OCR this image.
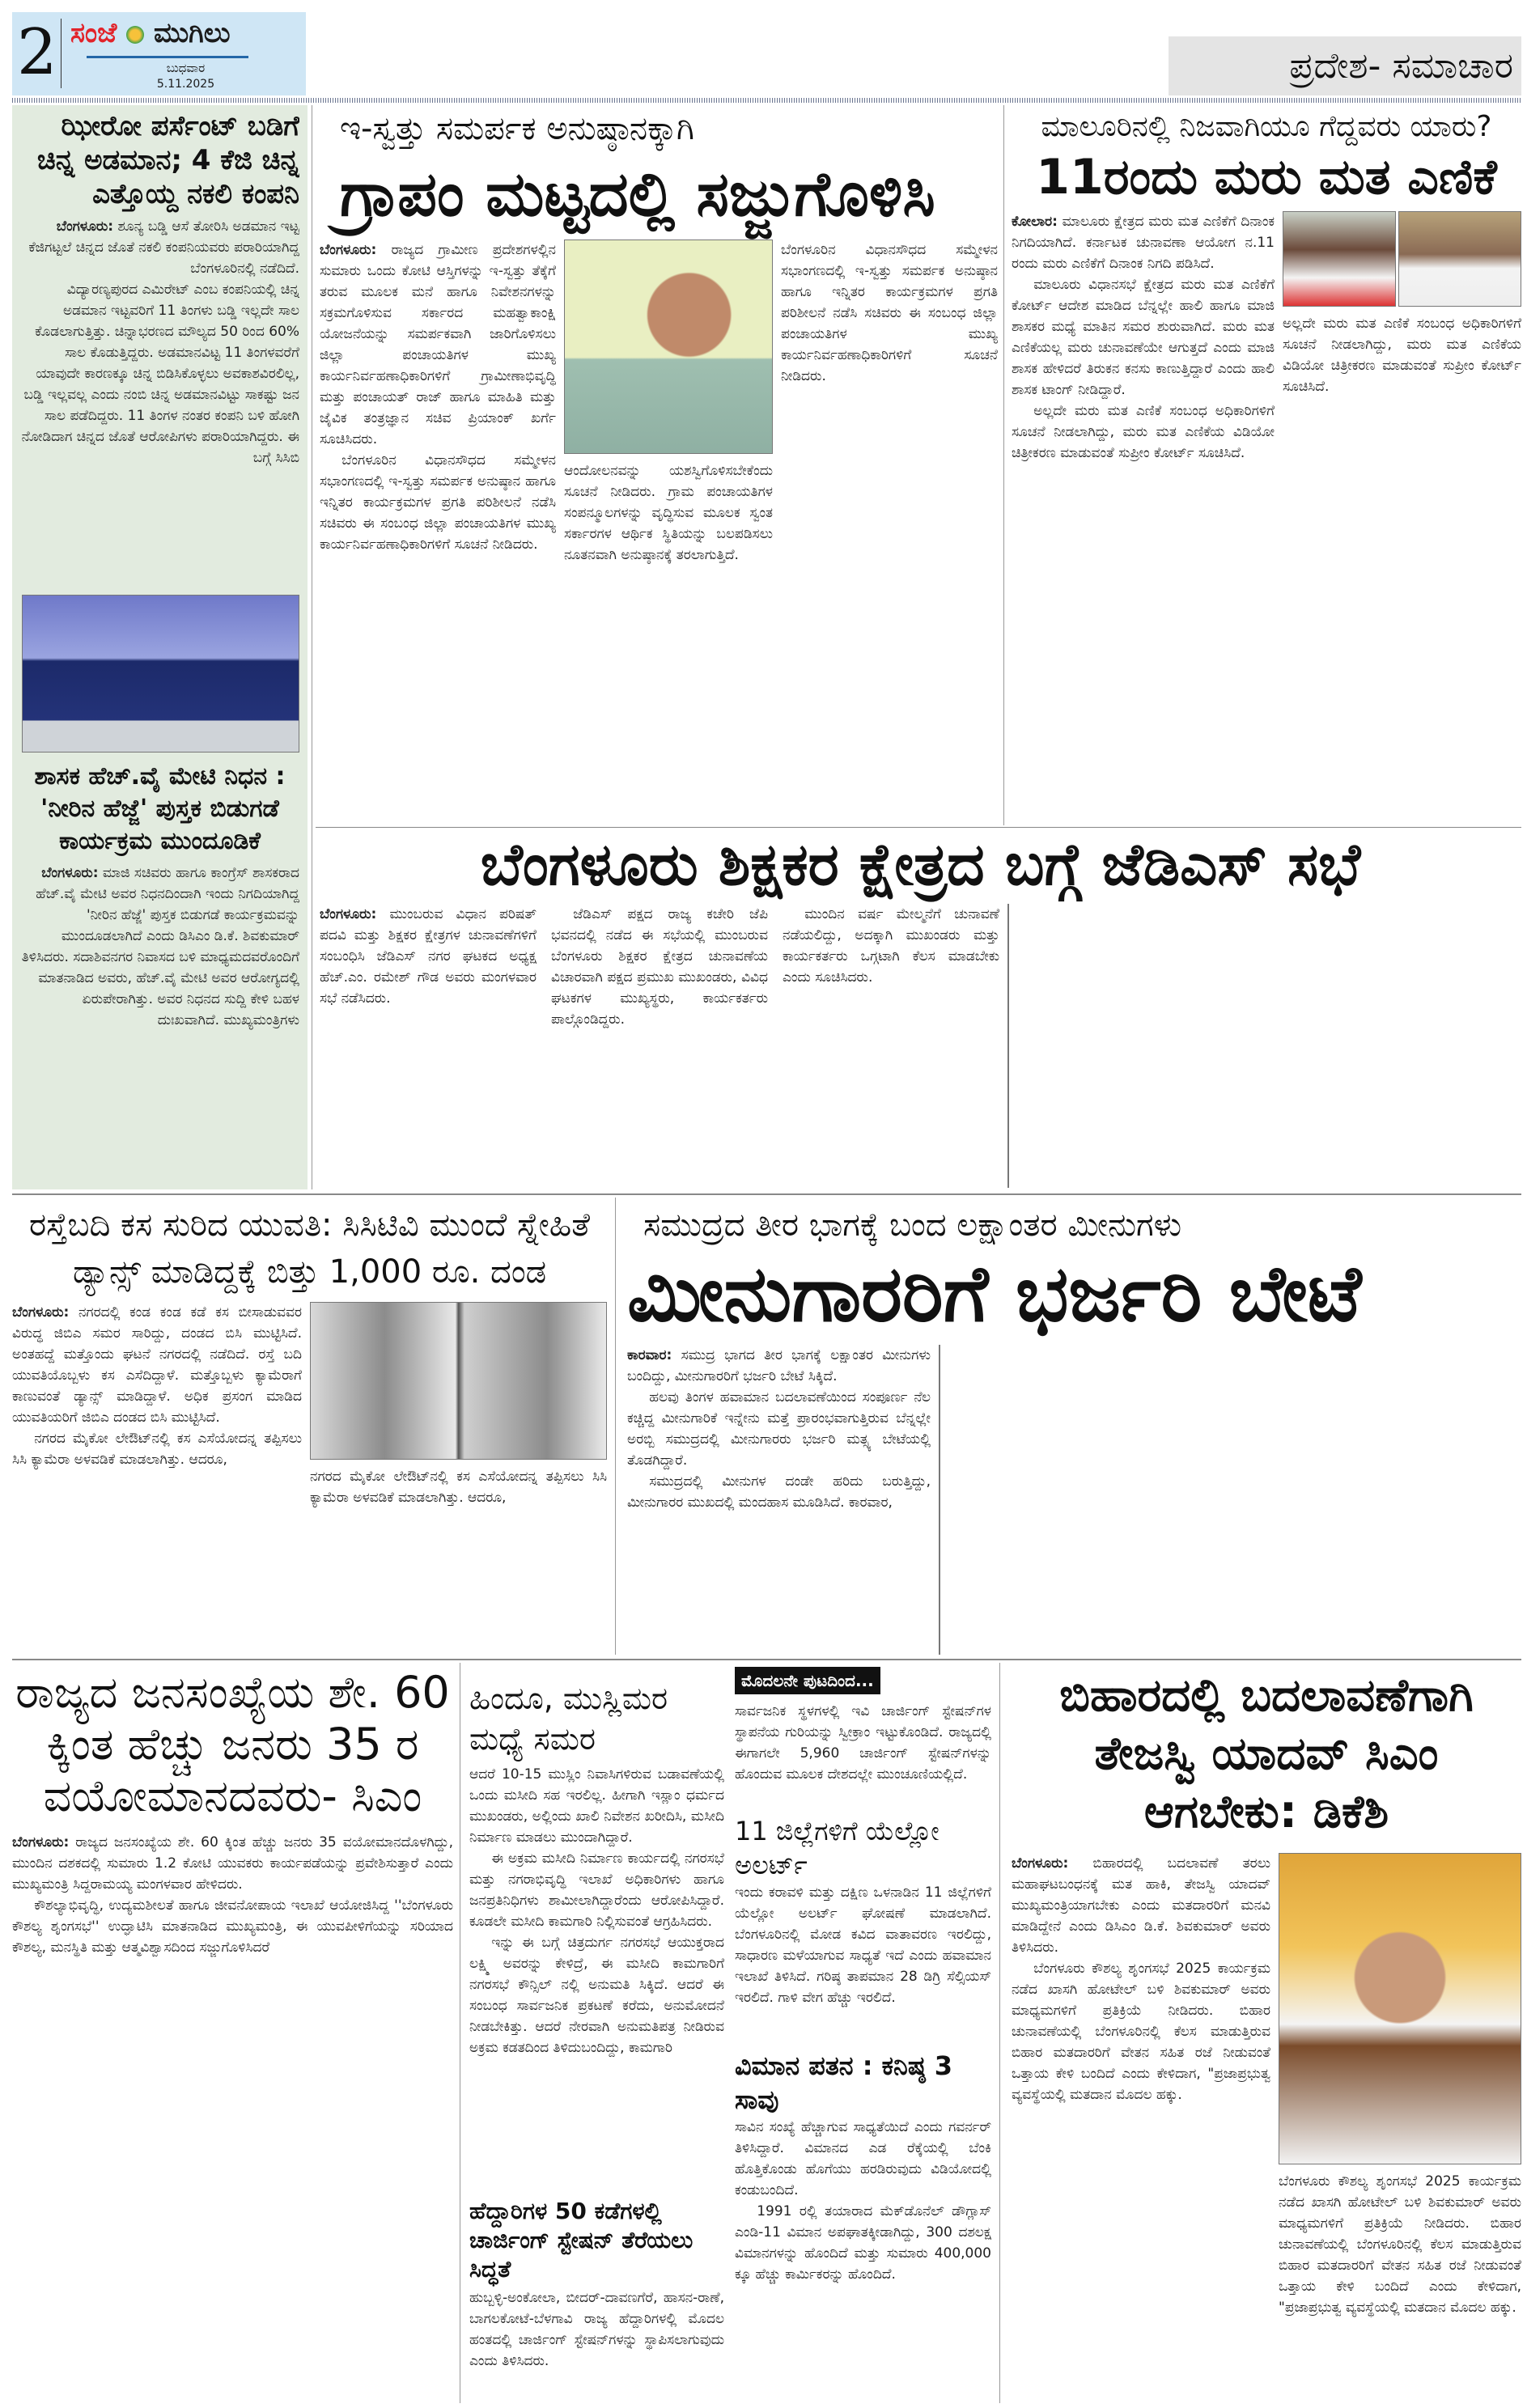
2 ಸಂಜೆ ಮುಗಿಲು
ಬುಧವಾರ
5.11.2025	ಪ್ರದೇಶ- ಸಮಾಚಾರ
ಝೀರೋ ಪರ್ಸೆಂಟ್ ಬಡಿಗೆ ಚಿನ್ನ ಅಡಮಾನ; 4 ಕೆಜಿ ಚಿನ್ನ ಎತ್ತೊಯ್ದ ನಕಲಿ ಕಂಪನಿ

ಬೆಂಗಳೂರು: ಶೂನ್ಯ ಬಡ್ಡಿ ಆಸೆ ತೋರಿಸಿ ಅಡಮಾನ ಇಟ್ಟ ಕೆಜಿಗಟ್ಟಲೆ ಚಿನ್ನದ ಜೊತೆ ನಕಲಿ ಕಂಪನಿಯವರು ಪರಾರಿಯಾಗಿದ್ದ ಬೆಂಗಳೂರಿನಲ್ಲಿ ನಡೆದಿದೆ.

ವಿದ್ಯಾರಣ್ಯಪುರದ ಎಮಿರೇಟ್ ಎಂಬ ಕಂಪನಿಯಲ್ಲಿ ಚಿನ್ನ ಅಡಮಾನ ಇಟ್ಟವರಿಗೆ 11 ತಿಂಗಳು ಬಡ್ಡಿ ಇಲ್ಲದೇ ಸಾಲ ಕೊಡಲಾಗುತ್ತಿತ್ತು. ಚಿನ್ನಾಭರಣದ ಮೌಲ್ಯದ 50 ರಿಂದ 60% ಸಾಲ ಕೊಡುತ್ತಿದ್ದರು. ಅಡಮಾನವಿಟ್ಟ 11 ತಿಂಗಳವರೆಗೆ ಯಾವುದೇ ಕಾರಣಕ್ಕೂ ಚಿನ್ನ ಬಿಡಿಸಿಕೊಳ್ಳಲು ಅವಕಾಶವಿರಲಿಲ್ಲ, ಬಡ್ಡಿ ಇಲ್ಲವಲ್ಲ ಎಂದು ನಂಬಿ ಚಿನ್ನ ಅಡಮಾನವಿಟ್ಟು ಸಾಕಷ್ಟು ಜನ ಸಾಲ ಪಡೆದಿದ್ದರು. 11 ತಿಂಗಳ ನಂತರ ಕಂಪನಿ ಬಳಿ ಹೋಗಿ ನೋಡಿದಾಗ ಚಿನ್ನದ ಜೊತೆ ಆರೋಪಿಗಳು ಪರಾರಿಯಾಗಿದ್ದರು. ಈ ಬಗ್ಗೆ ಸಿಸಿಬಿ

ಶಾಸಕ ಹೆಚ್.ವೈ ಮೇಟಿ ನಿಧನ : 'ನೀರಿನ ಹೆಜ್ಜೆ' ಪುಸ್ತಕ ಬಿಡುಗಡೆ ಕಾರ್ಯಕ್ರಮ ಮುಂದೂಡಿಕೆ

ಬೆಂಗಳೂರು: ಮಾಜಿ ಸಚಿವರು ಹಾಗೂ ಕಾಂಗ್ರೆಸ್ ಶಾಸಕರಾದ ಹೆಚ್.ವೈ ಮೇಟಿ ಅವರ ನಿಧನದಿಂದಾಗಿ ಇಂದು ನಿಗದಿಯಾಗಿದ್ದ 'ನೀರಿನ ಹೆಜ್ಜೆ' ಪುಸ್ತಕ ಬಿಡುಗಡೆ ಕಾರ್ಯಕ್ರಮವನ್ನು ಮುಂದೂಡಲಾಗಿದೆ ಎಂದು ಡಿಸಿಎಂ ಡಿ.ಕೆ. ಶಿವಕುಮಾರ್ ತಿಳಿಸಿದರು. ಸದಾಶಿವನಗರ ನಿವಾಸದ ಬಳಿ ಮಾಧ್ಯಮದವರೊಂದಿಗೆ ಮಾತನಾಡಿದ ಅವರು, ಹೆಚ್.ವೈ ಮೇಟಿ ಅವರ ಆರೋಗ್ಯದಲ್ಲಿ ಏರುಪೇರಾಗಿತ್ತು. ಅವರ ನಿಧನದ ಸುದ್ದಿ ಕೇಳಿ ಬಹಳ ದುಃಖವಾಗಿದೆ. ಮುಖ್ಯಮಂತ್ರಿಗಳು

ಇ-ಸ್ವತ್ತು ಸಮರ್ಪಕ ಅನುಷ್ಠಾನಕ್ಕಾಗಿ
ಗ್ರಾಪಂ ಮಟ್ಟದಲ್ಲಿ ಸಜ್ಜುಗೊಳಿಸಿ

ಬೆಂಗಳೂರು: ರಾಜ್ಯದ ಗ್ರಾಮೀಣ ಪ್ರದೇಶಗಳಲ್ಲಿನ ಸುಮಾರು ಒಂದು ಕೋಟಿ ಆಸ್ತಿಗಳನ್ನು ಇ-ಸ್ವತ್ತು ತೆಕ್ಕೆಗೆ ತರುವ ಮೂಲಕ ಮನೆ ಹಾಗೂ ನಿವೇಶನಗಳನ್ನು ಸಕ್ರಮಗೊಳಿಸುವ ಸರ್ಕಾರದ ಮಹತ್ವಾಕಾಂಕ್ಷಿ ಯೋಜನೆಯನ್ನು ಸಮರ್ಪಕವಾಗಿ ಜಾರಿಗೊಳಿಸಲು ಜಿಲ್ಲಾ ಪಂಚಾಯತಿಗಳ ಮುಖ್ಯ ಕಾರ್ಯನಿರ್ವಹಣಾಧಿಕಾರಿಗಳಿಗೆ ಗ್ರಾಮೀಣಾಭಿವೃದ್ಧಿ ಮತ್ತು ಪಂಚಾಯತ್ ರಾಜ್ ಹಾಗೂ ಮಾಹಿತಿ ಮತ್ತು ಜೈವಿಕ ತಂತ್ರಜ್ಞಾನ ಸಚಿವ ಪ್ರಿಯಾಂಕ್ ಖರ್ಗೆ ಸೂಚಿಸಿದರು.

ಬೆಂಗಳೂರಿನ ವಿಧಾನಸೌಧದ ಸಮ್ಮೇಳನ ಸಭಾಂಗಣದಲ್ಲಿ ಇ-ಸ್ವತ್ತು ಸಮರ್ಪಕ ಅನುಷ್ಠಾನ ಹಾಗೂ ಇನ್ನಿತರ ಕಾರ್ಯಕ್ರಮಗಳ ಪ್ರಗತಿ ಪರಿಶೀಲನೆ ನಡೆಸಿ ಸಚಿವರು ಈ ಸಂಬಂಧ ಜಿಲ್ಲಾ ಪಂಚಾಯತಿಗಳ ಮುಖ್ಯ ಕಾರ್ಯನಿರ್ವಹಣಾಧಿಕಾರಿಗಳಿಗೆ ಸೂಚನೆ ನೀಡಿದರು.

ಆಂದೋಲನವನ್ನು ಯಶಸ್ವಿಗೊಳಿಸಬೇಕೆಂದು ಸೂಚನೆ ನೀಡಿದರು. ಗ್ರಾಮ ಪಂಚಾಯತಿಗಳ ಸಂಪನ್ಮೂಲಗಳನ್ನು ವೃದ್ಧಿಸುವ ಮೂಲಕ ಸ್ವಂತ ಸರ್ಕಾರಗಳ ಆರ್ಥಿಕ ಸ್ಥಿತಿಯನ್ನು ಬಲಪಡಿಸಲು ನೂತನವಾಗಿ ಅನುಷ್ಠಾನಕ್ಕೆ ತರಲಾಗುತ್ತಿದೆ.

ಬೆಂಗಳೂರಿನ ವಿಧಾನಸೌಧದ ಸಮ್ಮೇಳನ ಸಭಾಂಗಣದಲ್ಲಿ ಇ-ಸ್ವತ್ತು ಸಮರ್ಪಕ ಅನುಷ್ಠಾನ ಹಾಗೂ ಇನ್ನಿತರ ಕಾರ್ಯಕ್ರಮಗಳ ಪ್ರಗತಿ ಪರಿಶೀಲನೆ ನಡೆಸಿ ಸಚಿವರು ಈ ಸಂಬಂಧ ಜಿಲ್ಲಾ ಪಂಚಾಯತಿಗಳ ಮುಖ್ಯ ಕಾರ್ಯನಿರ್ವಹಣಾಧಿಕಾರಿಗಳಿಗೆ ಸೂಚನೆ ನೀಡಿದರು.

ಮಾಲೂರಿನಲ್ಲಿ ನಿಜವಾಗಿಯೂ ಗೆದ್ದವರು ಯಾರು?
11ರಂದು ಮರು ಮತ ಎಣಿಕೆ

ಕೋಲಾರ: ಮಾಲೂರು ಕ್ಷೇತ್ರದ ಮರು ಮತ ಎಣಿಕೆಗೆ ದಿನಾಂಕ ನಿಗದಿಯಾಗಿದೆ. ಕರ್ನಾಟಕ ಚುನಾವಣಾ ಆಯೋಗ ನ.11 ರಂದು ಮರು ಎಣಿಕೆಗೆ ದಿನಾಂಕ ನಿಗದಿ ಪಡಿಸಿದೆ.

ಮಾಲೂರು ವಿಧಾನಸಭೆ ಕ್ಷೇತ್ರದ ಮರು ಮತ ಎಣಿಕೆಗೆ ಕೋರ್ಟ್ ಆದೇಶ ಮಾಡಿದ ಬೆನ್ನಲ್ಲೇ ಹಾಲಿ ಹಾಗೂ ಮಾಜಿ ಶಾಸಕರ ಮಧ್ಯೆ ಮಾತಿನ ಸಮರ ಶುರುವಾಗಿದೆ. ಮರು ಮತ ಎಣಿಕೆಯಲ್ಲ ಮರು ಚುನಾವಣೆಯೇ ಆಗುತ್ತದೆ ಎಂದು ಮಾಜಿ ಶಾಸಕ ಹೇಳಿದರೆ ತಿರುಕನ ಕನಸು ಕಾಣುತ್ತಿದ್ದಾರೆ ಎಂದು ಹಾಲಿ ಶಾಸಕ ಟಾಂಗ್ ನೀಡಿದ್ದಾರೆ.

ಅಲ್ಲದೇ ಮರು ಮತ ಎಣಿಕೆ ಸಂಬಂಧ ಅಧಿಕಾರಿಗಳಿಗೆ ಸೂಚನೆ ನೀಡಲಾಗಿದ್ದು, ಮರು ಮತ ಎಣಿಕೆಯ ವಿಡಿಯೋ ಚಿತ್ರೀಕರಣ ಮಾಡುವಂತೆ ಸುಪ್ರೀಂ ಕೋರ್ಟ್ ಸೂಚಿಸಿದೆ.

ಅಲ್ಲದೇ ಮರು ಮತ ಎಣಿಕೆ ಸಂಬಂಧ ಅಧಿಕಾರಿಗಳಿಗೆ ಸೂಚನೆ ನೀಡಲಾಗಿದ್ದು, ಮರು ಮತ ಎಣಿಕೆಯ ವಿಡಿಯೋ ಚಿತ್ರೀಕರಣ ಮಾಡುವಂತೆ ಸುಪ್ರೀಂ ಕೋರ್ಟ್ ಸೂಚಿಸಿದೆ.

ಬೆಂಗಳೂರು ಶಿಕ್ಷಕರ ಕ್ಷೇತ್ರದ ಬಗ್ಗೆ ಜೆಡಿಎಸ್ ಸಭೆ

ಬೆಂಗಳೂರು: ಮುಂಬರುವ ವಿಧಾನ ಪರಿಷತ್ ಪದವಿ ಮತ್ತು ಶಿಕ್ಷಕರ ಕ್ಷೇತ್ರಗಳ ಚುನಾವಣೆಗಳಿಗೆ ಸಂಬಂಧಿಸಿ ಜೆಡಿಎಸ್ ನಗರ ಘಟಕದ ಅಧ್ಯಕ್ಷ ಹೆಚ್.ಎಂ. ರಮೇಶ್ ಗೌಡ ಅವರು ಮಂಗಳವಾರ ಸಭೆ ನಡೆಸಿದರು.

ಜೆಡಿಎಸ್ ಪಕ್ಷದ ರಾಜ್ಯ ಕಚೇರಿ ಜೆಪಿ ಭವನದಲ್ಲಿ ನಡೆದ ಈ ಸಭೆಯಲ್ಲಿ ಮುಂಬರುವ ಬೆಂಗಳೂರು ಶಿಕ್ಷಕರ ಕ್ಷೇತ್ರದ ಚುನಾವಣೆಯ ವಿಚಾರವಾಗಿ ಪಕ್ಷದ ಪ್ರಮುಖ ಮುಖಂಡರು, ವಿವಿಧ ಘಟಕಗಳ ಮುಖ್ಯಸ್ಥರು, ಕಾರ್ಯಕರ್ತರು ಪಾಲ್ಗೊಂಡಿದ್ದರು.

ಮುಂದಿನ ವರ್ಷ ಮೇಲ್ಮನೆಗೆ ಚುನಾವಣೆ ನಡೆಯಲಿದ್ದು, ಅದಕ್ಕಾಗಿ ಮುಖಂಡರು ಮತ್ತು ಕಾರ್ಯಕರ್ತರು ಒಗ್ಗಟಾಗಿ ಕೆಲಸ ಮಾಡಬೇಕು ಎಂದು ಸೂಚಿಸಿದರು.

ರಸ್ತೆಬದಿ ಕಸ ಸುರಿದ ಯುವತಿ: ಸಿಸಿಟಿವಿ ಮುಂದೆ ಸ್ನೇಹಿತೆ ಡ್ಯಾನ್ಸ್ ಮಾಡಿದ್ದಕ್ಕೆ ಬಿತ್ತು 1,000 ರೂ. ದಂಡ

ಬೆಂಗಳೂರು: ನಗರದಲ್ಲಿ ಕಂಡ ಕಂಡ ಕಡೆ ಕಸ ಬೀಸಾಡುವವರ ವಿರುದ್ಧ ಜಿಬಿಎ ಸಮರ ಸಾರಿದ್ದು, ದಂಡದ ಬಿಸಿ ಮುಟ್ಟಿಸಿದೆ. ಅಂತಹದ್ದೆ ಮತ್ತೊಂದು ಘಟನೆ ನಗರದಲ್ಲಿ ನಡೆದಿದೆ. ರಸ್ತೆ ಬದಿ ಯುವತಿಯೊಬ್ಬಳು ಕಸ ಎಸೆದಿದ್ದಾಳೆ. ಮತ್ತೊಬ್ಬಳು ಕ್ಯಾಮೆರಾಗೆ ಕಾಣುವಂತೆ ಡ್ಯಾನ್ಸ್ ಮಾಡಿದ್ದಾಳೆ. ಅಧಿಕ ಪ್ರಸಂಗ ಮಾಡಿದ ಯುವತಿಯರಿಗೆ ಜಿಬಿಎ ದಂಡದ ಬಿಸಿ ಮುಟ್ಟಿಸಿದೆ.

ನಗರದ ಮೈಕೋ ಲೇಔಟ್‌ನಲ್ಲಿ ಕಸ ಎಸೆಯೋದನ್ನ ತಪ್ಪಿಸಲು ಸಿಸಿ ಕ್ಯಾಮೆರಾ ಅಳವಡಿಕೆ ಮಾಡಲಾಗಿತ್ತು. ಆದರೂ,

ನಗರದ ಮೈಕೋ ಲೇಔಟ್‌ನಲ್ಲಿ ಕಸ ಎಸೆಯೋದನ್ನ ತಪ್ಪಿಸಲು ಸಿಸಿ ಕ್ಯಾಮೆರಾ ಅಳವಡಿಕೆ ಮಾಡಲಾಗಿತ್ತು. ಆದರೂ,

ಸಮುದ್ರದ ತೀರ ಭಾಗಕ್ಕೆ ಬಂದ ಲಕ್ಷಾಂತರ ಮೀನುಗಳು
ಮೀನುಗಾರರಿಗೆ ಭರ್ಜರಿ ಬೇಟೆ

ಕಾರವಾರ: ಸಮುದ್ರ ಭಾಗದ ತೀರ ಭಾಗಕ್ಕೆ ಲಕ್ಷಾಂತರ ಮೀನುಗಳು ಬಂದಿದ್ದು, ಮೀನುಗಾರರಿಗೆ ಭರ್ಜರಿ ಬೇಟೆ ಸಿಕ್ಕಿದೆ.

ಹಲವು ತಿಂಗಳ ಹವಾಮಾನ ಬದಲಾವಣೆಯಿಂದ ಸಂಪೂರ್ಣ ನೆಲ ಕಚ್ಚಿದ್ದ ಮೀನುಗಾರಿಕೆ ಇನ್ನೇನು ಮತ್ತೆ ಪ್ರಾರಂಭವಾಗುತ್ತಿರುವ ಬೆನ್ನಲ್ಲೇ ಅರಬ್ಬಿ ಸಮುದ್ರದಲ್ಲಿ ಮೀನುಗಾರರು ಭರ್ಜರಿ ಮತ್ಸ್ಯ ಬೇಟೆಯಲ್ಲಿ ತೊಡಗಿದ್ದಾರೆ.

ಸಮುದ್ರದಲ್ಲಿ ಮೀನುಗಳ ದಂಡೇ ಹರಿದು ಬರುತ್ತಿದ್ದು, ಮೀನುಗಾರರ ಮುಖದಲ್ಲಿ ಮಂದಹಾಸ ಮೂಡಿಸಿದೆ. ಕಾರವಾರ,

ರಾಜ್ಯದ ಜನಸಂಖ್ಯೆಯ ಶೇ. 60 ಕ್ಕಿಂತ ಹೆಚ್ಚು ಜನರು 35 ರ ವಯೋಮಾನದವರು- ಸಿಎಂ

ಬೆಂಗಳೂರು: ರಾಜ್ಯದ ಜನಸಂಖ್ಯೆಯ ಶೇ. 60 ಕ್ಕಿಂತ ಹೆಚ್ಚು ಜನರು 35 ವಯೋಮಾನದೊಳಗಿದ್ದು, ಮುಂದಿನ ದಶಕದಲ್ಲಿ ಸುಮಾರು 1.2 ಕೋಟಿ ಯುವಕರು ಕಾರ್ಯಪಡೆಯನ್ನು ಪ್ರವೇಶಿಸುತ್ತಾರೆ ಎಂದು ಮುಖ್ಯಮಂತ್ರಿ ಸಿದ್ದರಾಮಯ್ಯ ಮಂಗಳವಾರ ಹೇಳಿದರು.

ಕೌಶಲ್ಯಾಭಿವೃದ್ಧಿ, ಉದ್ಯಮಶೀಲತೆ ಹಾಗೂ ಜೀವನೋಪಾಯ ಇಲಾಖೆ ಆಯೋಜಿಸಿದ್ದ ''ಬೆಂಗಳೂರು ಕೌಶಲ್ಯ ಶೃಂಗಸಭೆ'' ಉದ್ಘಾಟಿಸಿ ಮಾತನಾಡಿದ ಮುಖ್ಯಮಂತ್ರಿ, ಈ ಯುವಪೀಳಿಗೆಯನ್ನು ಸರಿಯಾದ ಕೌಶಲ್ಯ, ಮನಸ್ಥಿತಿ ಮತ್ತು ಆತ್ಮವಿಶ್ವಾಸದಿಂದ ಸಜ್ಜುಗೊಳಿಸಿದರೆ

ಹಿಂದೂ, ಮುಸ್ಲಿಮರ ಮಧ್ಯೆ ಸಮರ

ಆದರೆ 10-15 ಮುಸ್ಲಿಂ ನಿವಾಸಿಗಳಿರುವ ಬಡಾವಣೆಯಲ್ಲಿ ಒಂದು ಮಸೀದಿ ಸಹ ಇರಲಿಲ್ಲ. ಹೀಗಾಗಿ ಇಸ್ಲಾಂ ಧರ್ಮದ ಮುಖಂಡರು, ಅಲ್ಲಿಂದು ಖಾಲಿ ನಿವೇಶನ ಖರೀದಿಸಿ, ಮಸೀದಿ ನಿರ್ಮಾಣ ಮಾಡಲು ಮುಂದಾಗಿದ್ದಾರೆ.

ಈ ಅಕ್ರಮ ಮಸೀದಿ ನಿರ್ಮಾಣ ಕಾರ್ಯದಲ್ಲಿ ನಗರಸಭೆ ಮತ್ತು ನಗರಾಭಿವೃದ್ಧಿ ಇಲಾಖೆ ಅಧಿಕಾರಿಗಳು ಹಾಗೂ ಜನಪ್ರತಿನಿಧಿಗಳು ಶಾಮೀಲಾಗಿದ್ದಾರೆಂದು ಆರೋಪಿಸಿದ್ದಾರೆ. ಕೂಡಲೇ ಮಸೀದಿ ಕಾಮಗಾರಿ ನಿಲ್ಲಿಸುವಂತೆ ಆಗ್ರಹಿಸಿದರು.

ಇನ್ನು ಈ ಬಗ್ಗೆ ಚಿತ್ರದುರ್ಗ ನಗರಸಭೆ ಆಯುಕ್ತರಾದ ಲಕ್ಷ್ಮಿ ಅವರನ್ನು ಕೇಳಿದ್ರೆ, ಈ ಮಸೀದಿ ಕಾಮಗಾರಿಗೆ ನಗರಸಭೆ ಕೌನ್ಸಿಲ್ ನಲ್ಲಿ ಅನುಮತಿ ಸಿಕ್ಕಿದೆ. ಆದರೆ ಈ ಸಂಬಂಧ ಸಾರ್ವಜನಿಕ ಪ್ರಕಟಣೆ ಕರೆದು, ಅನುಮೋದನೆ ನೀಡಬೇಕಿತ್ತು. ಆದರೆ ನೇರವಾಗಿ ಅನುಮತಿಪತ್ರ ನೀಡಿರುವ ಅಕ್ರಮ ಕಡತದಿಂದ ತಿಳಿದುಬಂದಿದ್ದು, ಕಾಮಗಾರಿ

ಹೆದ್ದಾರಿಗಳ 50 ಕಡೆಗಳಲ್ಲಿ ಚಾರ್ಜಿಂಗ್ ಸ್ಟೇಷನ್ ತೆರೆಯಲು ಸಿದ್ಧತೆ

ಹುಬ್ಬಳ್ಳಿ-ಅಂಕೋಲಾ, ಬೀದರ್-ದಾವಣಗೆರೆ, ಹಾಸನ-ರಾಣೆ, ಬಾಗಲಕೋಟೆ-ಬೆಳಗಾವಿ ರಾಜ್ಯ ಹೆದ್ದಾರಿಗಳಲ್ಲಿ ಮೊದಲ ಹಂತದಲ್ಲಿ ಚಾರ್ಜಿಂಗ್ ಸ್ಟೇಷನ್‌ಗಳನ್ನು ಸ್ಥಾಪಿಸಲಾಗುವುದು ಎಂದು ತಿಳಿಸಿದರು.

ಮೊದಲನೇ ಪುಟದಿಂದ...

ಸಾರ್ವಜನಿಕ ಸ್ಥಳಗಳಲ್ಲಿ ಇವಿ ಚಾರ್ಜಿಂಗ್ ಸ್ಟೇಷನ್‌ಗಳ ಸ್ಥಾಪನೆಯ ಗುರಿಯನ್ನು ಸ್ವೀಕ್ರಾಂ ಇಟ್ಟುಕೊಂಡಿದೆ. ರಾಜ್ಯದಲ್ಲಿ ಈಗಾಗಲೇ 5,960 ಚಾರ್ಜಿಂಗ್ ಸ್ಟೇಷನ್‌ಗಳನ್ನು ಹೊಂದುವ ಮೂಲಕ ದೇಶದಲ್ಲೇ ಮುಂಚೂಣಿಯಲ್ಲಿದೆ.

11 ಜಿಲ್ಲೆಗಳಿಗೆ ಯೆಲ್ಲೋ ಅಲರ್ಟ್

ಇಂದು ಕರಾವಳಿ ಮತ್ತು ದಕ್ಷಿಣ ಒಳನಾಡಿನ 11 ಜಿಲ್ಲೆಗಳಿಗೆ ಯೆಲ್ಲೋ ಅಲರ್ಟ್ ಘೋಷಣೆ ಮಾಡಲಾಗಿದೆ. ಬೆಂಗಳೂರಿನಲ್ಲಿ ಮೋಡ ಕವಿದ ವಾತಾವರಣ ಇರಲಿದ್ದು, ಸಾಧಾರಣ ಮಳೆಯಾಗುವ ಸಾಧ್ಯತೆ ಇದೆ ಎಂದು ಹವಾಮಾನ ಇಲಾಖೆ ತಿಳಿಸಿದೆ. ಗರಿಷ್ಠ ತಾಪಮಾನ 28 ಡಿಗ್ರಿ ಸೆಲ್ಸಿಯಸ್ ಇರಲಿದೆ. ಗಾಳಿ ವೇಗ ಹೆಚ್ಚು ಇರಲಿದೆ.

ವಿಮಾನ ಪತನ : ಕನಿಷ್ಠ 3 ಸಾವು

ಸಾವಿನ ಸಂಖ್ಯೆ ಹೆಚ್ಚಾಗುವ ಸಾಧ್ಯತೆಯಿದೆ ಎಂದು ಗವರ್ನರ್ ತಿಳಿಸಿದ್ದಾರೆ. ವಿಮಾನದ ಎಡ ರೆಕ್ಕೆಯಲ್ಲಿ ಬೆಂಕಿ ಹೊತ್ತಿಕೊಂಡು ಹೊಗೆಯು ಹರಡಿರುವುದು ವಿಡಿಯೋದಲ್ಲಿ ಕಂಡುಬಂದಿದೆ.

1991 ರಲ್ಲಿ ತಯಾರಾದ ಮೆಕ್‌ಡೊನೆಲ್ ಡೌಗ್ಲಾಸ್ ಎಂಡಿ-11 ವಿಮಾನ ಅಪಘಾತಕ್ಕೀಡಾಗಿದ್ದು, 300 ದಶಲಕ್ಷ ವಿಮಾನಗಳನ್ನು ಹೊಂದಿದೆ ಮತ್ತು ಸುಮಾರು 400,000 ಕ್ಕೂ ಹೆಚ್ಚು ಕಾರ್ಮಿಕರನ್ನು ಹೊಂದಿದೆ.

ಬಿಹಾರದಲ್ಲಿ ಬದಲಾವಣೆಗಾಗಿ ತೇಜಸ್ವಿ ಯಾದವ್ ಸಿಎಂ ಆಗಬೇಕು: ಡಿಕೆಶಿ

ಬೆಂಗಳೂರು: ಬಿಹಾರದಲ್ಲಿ ಬದಲಾವಣೆ ತರಲು ಮಹಾಘಟಬಂಧನಕ್ಕೆ ಮತ ಹಾಕಿ, ತೇಜಸ್ವಿ ಯಾದವ್ ಮುಖ್ಯಮಂತ್ರಿಯಾಗಬೇಕು ಎಂದು ಮತದಾರರಿಗೆ ಮನವಿ ಮಾಡಿದ್ದೇನೆ ಎಂದು ಡಿಸಿಎಂ ಡಿ.ಕೆ. ಶಿವಕುಮಾರ್ ಅವರು ತಿಳಿಸಿದರು.

ಬೆಂಗಳೂರು ಕೌಶಲ್ಯ ಶೃಂಗಸಭೆ 2025 ಕಾರ್ಯಕ್ರಮ ನಡೆದ ಖಾಸಗಿ ಹೋಟೇಲ್ ಬಳಿ ಶಿವಕುಮಾರ್ ಅವರು ಮಾಧ್ಯಮಗಳಿಗೆ ಪ್ರತಿಕ್ರಿಯೆ ನೀಡಿದರು. ಬಿಹಾರ ಚುನಾವಣೆಯಲ್ಲಿ ಬೆಂಗಳೂರಿನಲ್ಲಿ ಕೆಲಸ ಮಾಡುತ್ತಿರುವ ಬಿಹಾರ ಮತದಾರರಿಗೆ ವೇತನ ಸಹಿತ ರಜೆ ನೀಡುವಂತೆ ಒತ್ತಾಯ ಕೇಳಿ ಬಂದಿದೆ ಎಂದು ಕೇಳಿದಾಗ, "ಪ್ರಜಾಪ್ರಭುತ್ವ ವ್ಯವಸ್ಥೆಯಲ್ಲಿ ಮತದಾನ ಮೊದಲ ಹಕ್ಕು.

ಬೆಂಗಳೂರು ಕೌಶಲ್ಯ ಶೃಂಗಸಭೆ 2025 ಕಾರ್ಯಕ್ರಮ ನಡೆದ ಖಾಸಗಿ ಹೋಟೇಲ್ ಬಳಿ ಶಿವಕುಮಾರ್ ಅವರು ಮಾಧ್ಯಮಗಳಿಗೆ ಪ್ರತಿಕ್ರಿಯೆ ನೀಡಿದರು. ಬಿಹಾರ ಚುನಾವಣೆಯಲ್ಲಿ ಬೆಂಗಳೂರಿನಲ್ಲಿ ಕೆಲಸ ಮಾಡುತ್ತಿರುವ ಬಿಹಾರ ಮತದಾರರಿಗೆ ವೇತನ ಸಹಿತ ರಜೆ ನೀಡುವಂತೆ ಒತ್ತಾಯ ಕೇಳಿ ಬಂದಿದೆ ಎಂದು ಕೇಳಿದಾಗ, "ಪ್ರಜಾಪ್ರಭುತ್ವ ವ್ಯವಸ್ಥೆಯಲ್ಲಿ ಮತದಾನ ಮೊದಲ ಹಕ್ಕು.
